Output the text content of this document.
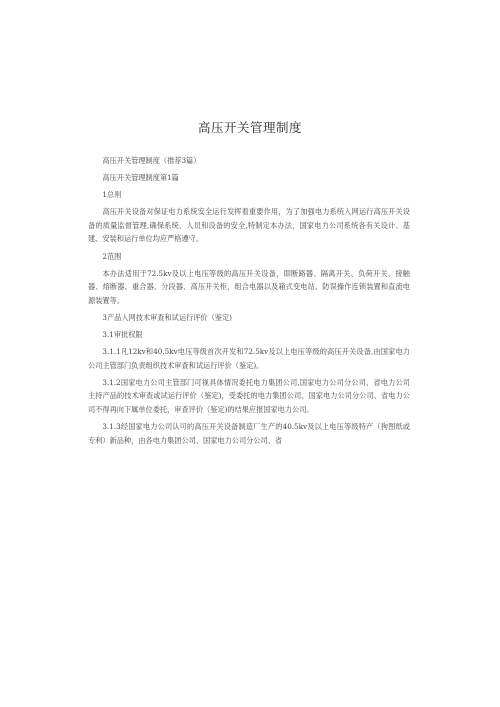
高压开关管理制度

高压开关管理制度（推荐3篇）

高压开关管理制度第1篇

1总则

高压开关设备对保证电力系统安全运行发挥着重要作用，为了加强电力系统入网运行高压开关设备的质量监督管理,确保系统、人员和设备的安全,特制定本办法，国家电力公司系统各有关设计、基建、安装和运行单位均应严格遵守。

2范围

本办法适用于72.5kv及以上电压等级的高压开关设备，即断路器、隔离开关、负荷开关、接触器、熔断器、重合器、分段器、高压开关柜、组合电器以及箱式变电站、防误操作连锁装置和直流电源装置等。

3产品入网技术审查和试运行评价（鉴定)

3.1审批权限

3.1.1凡12kv和40.5kv电压等级首次开发和72.5kv及以上电压等级的高压开关设备,由国家电力公司主管部门负责组织技术审查和试运行评价（鉴定)。

3.1.2国家电力公司主管部门可视具体情况委托电力集团公司,国家电力公司分公司、省电力公司主持产品的技术审查或试运行评价（鉴定)，受委托的电力集团公司、国家电力公司分公司、省电力公司不得再向下属单位委托，审查评价（鉴定)的结果应报国家电力公司。

3.1.3经国家电力公司认可的高压开关设备制造厂生产的40.5kv及以上电压等级特产（狗图纸或专利）新品种，由各电力集团公司、国家电力公司分公司、省
